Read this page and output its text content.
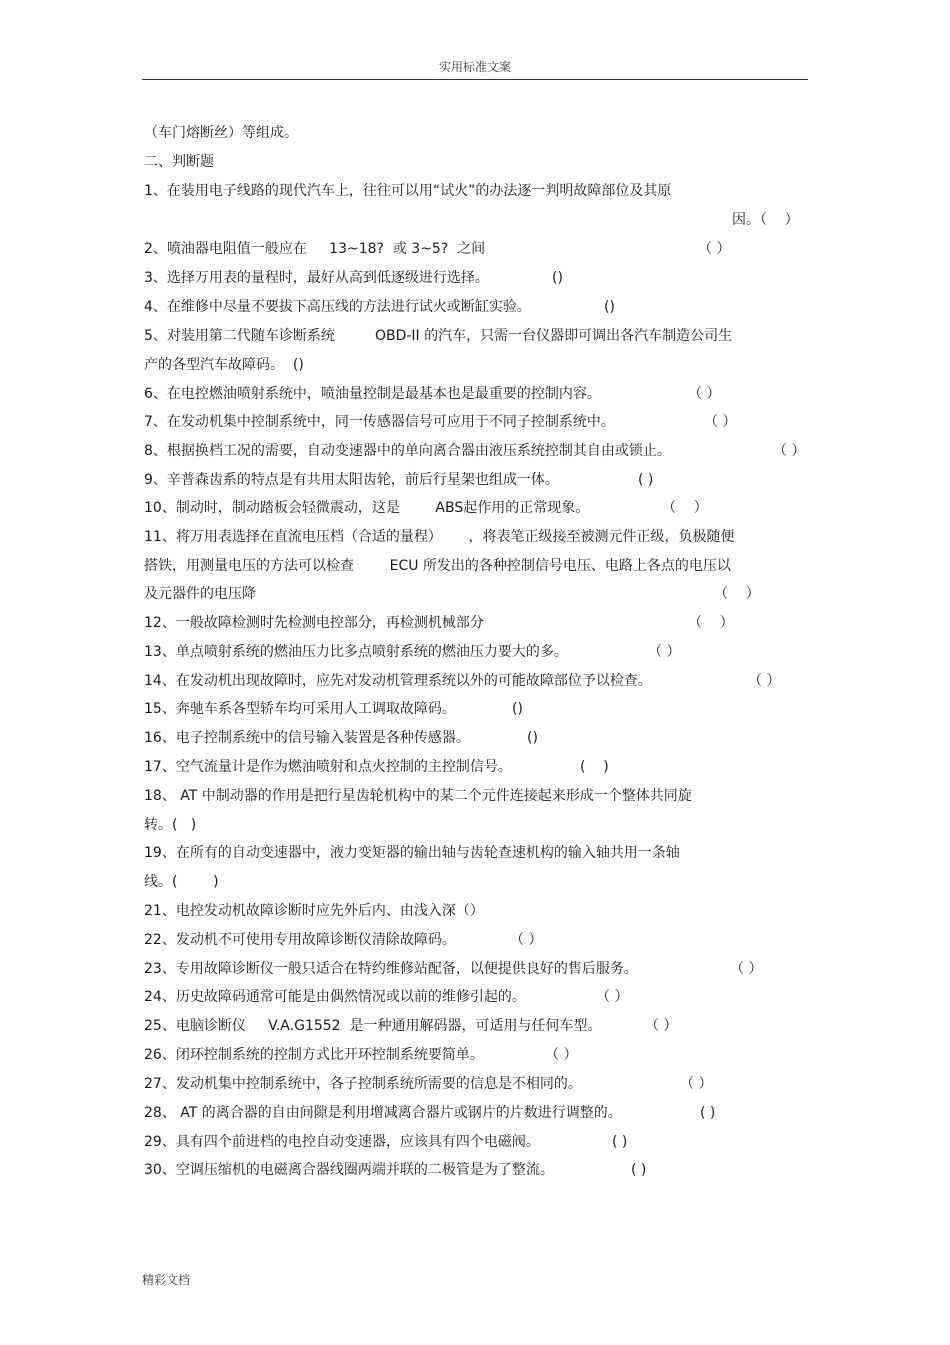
实用标准文案
（车门熔断丝）等组成。
二、判断题
1、在装用电子线路的现代汽车上，往往可以用“试火”的办法逐一判明故障部位及其原
因。（    ）
2、喷油器电阻值一般应在     13~18?  或 3~5?  之间	（ ）
3、选择万用表的量程时，最好从高到低逐级进行选择。	()
4、在维修中尽量不要拔下高压线的方法进行试火或断缸实验。	()
5、对装用第二代随车诊断系统         OBD-II 的汽车，只需一台仪器即可调出各汽车制造公司生
产的各型汽车故障码。  ()
6、在电控燃油喷射系统中，喷油量控制是最基本也是最重要的控制内容。	（ ）
7、在发动机集中控制系统中，同一传感器信号可应用于不同子控制系统中。	（ ）
8、根据换档工况的需要，自动变速器中的单向离合器由液压系统控制其自由或锁止。	（ ）
9、辛普森齿系的特点是有共用太阳齿轮，前后行星架也组成一体。	( )
10、制动时，制动踏板会轻微震动，这是        ABS起作用的正常现象。	（    ）
11、将万用表选择在直流电压档（合适的量程）      ，将表笔正级接至被测元件正级，负极随便
搭铁，用测量电压的方法可以检查        ECU 所发出的各种控制信号电压、电路上各点的电压以
及元器件的电压降	（    ）
12、一般故障检测时先检测电控部分，再检测机械部分	（    ）
13、单点喷射系统的燃油压力比多点喷射系统的燃油压力要大的多。	（ ）
14、在发动机出现故障时，应先对发动机管理系统以外的可能故障部位予以检查。	（ ）
15、奔驰车系各型轿车均可采用人工调取故障码。	()
16、电子控制系统中的信号输入装置是各种传感器。	()
17、空气流量计是作为燃油喷射和点火控制的主控制信号。	(    )
18、 AT 中制动器的作用是把行星齿轮机构中的某二个元件连接起来形成一个整体共同旋
转。(   )
19、在所有的自动变速器中，液力变矩器的输出轴与齿轮查速机构的输入轴共用一条轴
线。(        )
21、电控发动机故障诊断时应先外后内、由浅入深（）
22、发动机不可使用专用故障诊断仪清除故障码。	（ ）
23、专用故障诊断仪一般只适合在特约维修站配备，以便提供良好的售后服务。	（ ）
24、历史故障码通常可能是由偶然情况或以前的维修引起的。	（ ）
25、电脑诊断仪     V.A.G1552  是一种通用解码器，可适用与任何车型。	（ ）
26、闭环控制系统的控制方式比开环控制系统要简单。	（ ）
27、发动机集中控制系统中，各子控制系统所需要的信息是不相同的。	（ ）
28、 AT 的离合器的自由间隙是利用增减离合器片或钢片的片数进行调整的。	( )
29、具有四个前进档的电控自动变速器，应该具有四个电磁阀。	( )
30、空调压缩机的电磁离合器线圈两端并联的二极管是为了整流。	( )
精彩文档
